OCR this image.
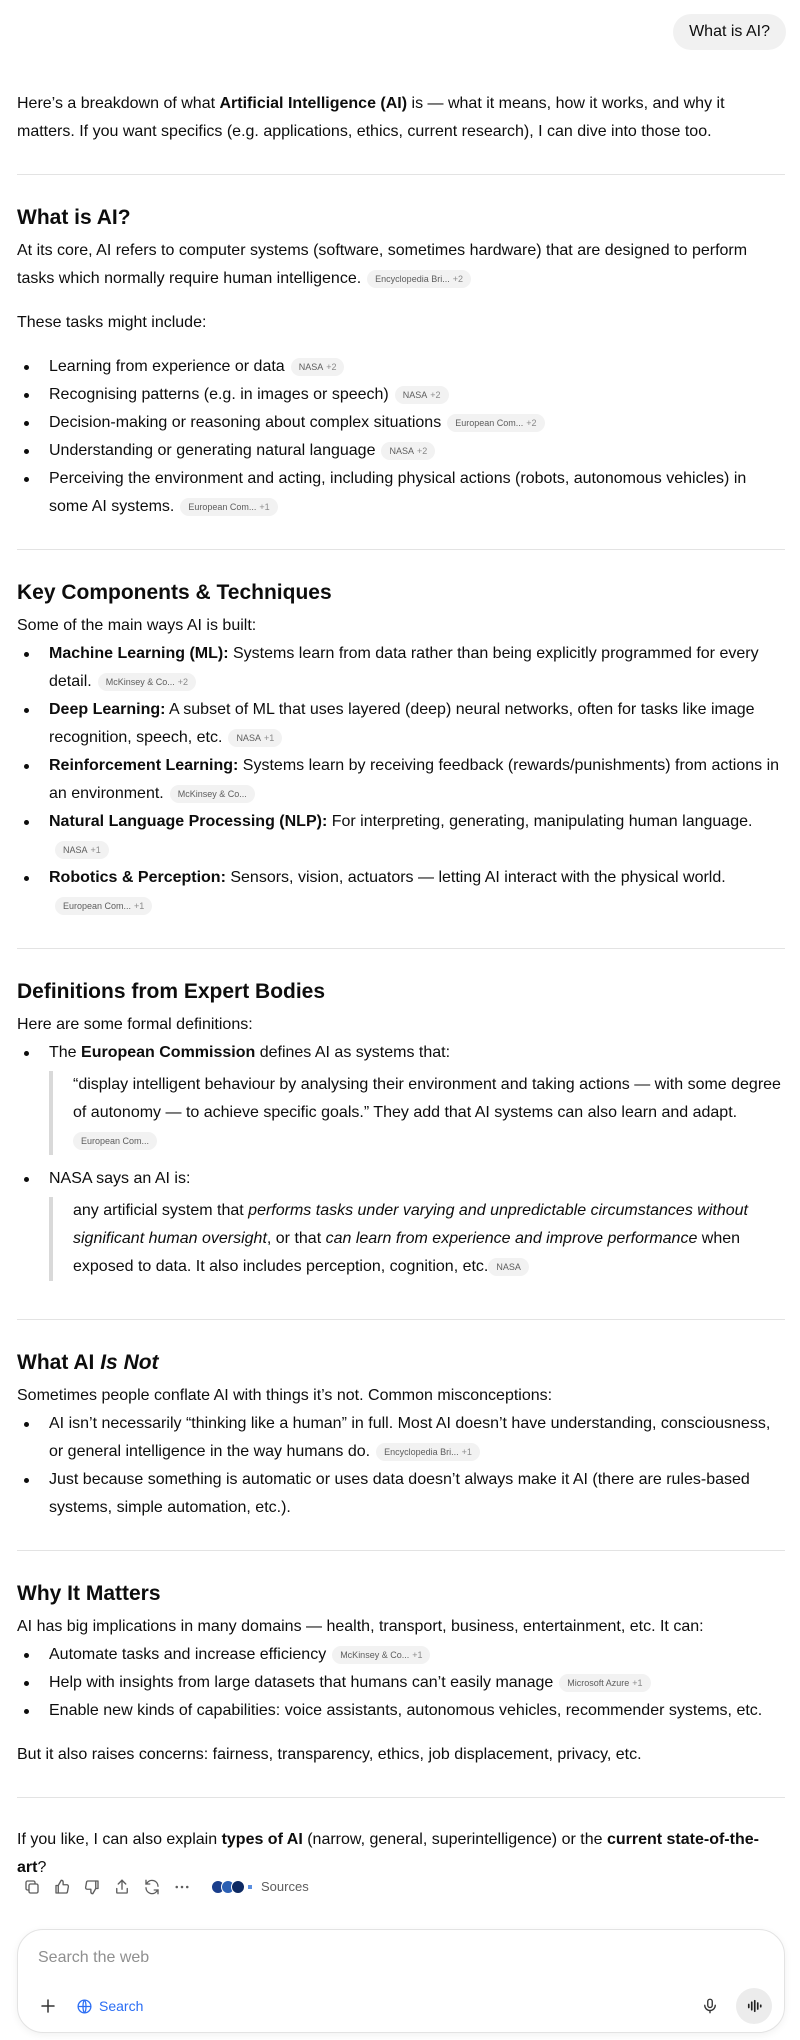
What is AI?

Here’s a breakdown of what Artificial Intelligence (AI) is — what it means, how it works, and why it matters. If you want specifics (e.g. applications, ethics, current research), I can dive into those too.

What is AI?

At its core, AI refers to computer systems (software, sometimes hardware) that are designed to perform tasks which normally require human intelligence. Encyclopedia Bri... +2

These tasks might include:

Learning from experience or data NASA +2
Recognising patterns (e.g. in images or speech) NASA +2
Decision-making or reasoning about complex situations European Com... +2
Understanding or generating natural language NASA +2
Perceiving the environment and acting, including physical actions (robots, autonomous vehicles) in some AI systems. European Com... +1
Key Components & Techniques

Some of the main ways AI is built:

Machine Learning (ML): Systems learn from data rather than being explicitly programmed for every detail. McKinsey & Co... +2
Deep Learning: A subset of ML that uses layered (deep) neural networks, often for tasks like image recognition, speech, etc. NASA +1
Reinforcement Learning: Systems learn by receiving feedback (rewards/punishments) from actions in an environment. McKinsey & Co...
Natural Language Processing (NLP): For interpreting, generating, manipulating human language.NASA +1
Robotics & Perception: Sensors, vision, actuators — letting AI interact with the physical world.European Com... +1
Definitions from Expert Bodies

Here are some formal definitions:

The European Commission defines AI as systems that:
“display intelligent behaviour by analysing their environment and taking actions — with some degree of autonomy — to achieve specific goals.” They add that AI systems can also learn and adapt.
European Com...
NASA says an AI is:
any artificial system that performs tasks under varying and unpredictable circumstances without significant human oversight, or that can learn from experience and improve performance when exposed to data. It also includes perception, cognition, etc. NASA
What AI Is Not

Sometimes people conflate AI with things it’s not. Common misconceptions:

AI isn’t necessarily “thinking like a human” in full. Most AI doesn’t have understanding, consciousness, or general intelligence in the way humans do. Encyclopedia Bri... +1
Just because something is automatic or uses data doesn’t always make it AI (there are rules-based systems, simple automation, etc.).
Why It Matters

AI has big implications in many domains — health, transport, business, entertainment, etc. It can:

Automate tasks and increase efficiency McKinsey & Co... +1
Help with insights from large datasets that humans can’t easily manage Microsoft Azure +1
Enable new kinds of capabilities: voice assistants, autonomous vehicles, recommender systems, etc.

But it also raises concerns: fairness, transparency, ethics, job displacement, privacy, etc.

If you like, I can also explain types of AI (narrow, general, superintelligence) or the current state-of-the-art?

Sources
Search the web
Search
